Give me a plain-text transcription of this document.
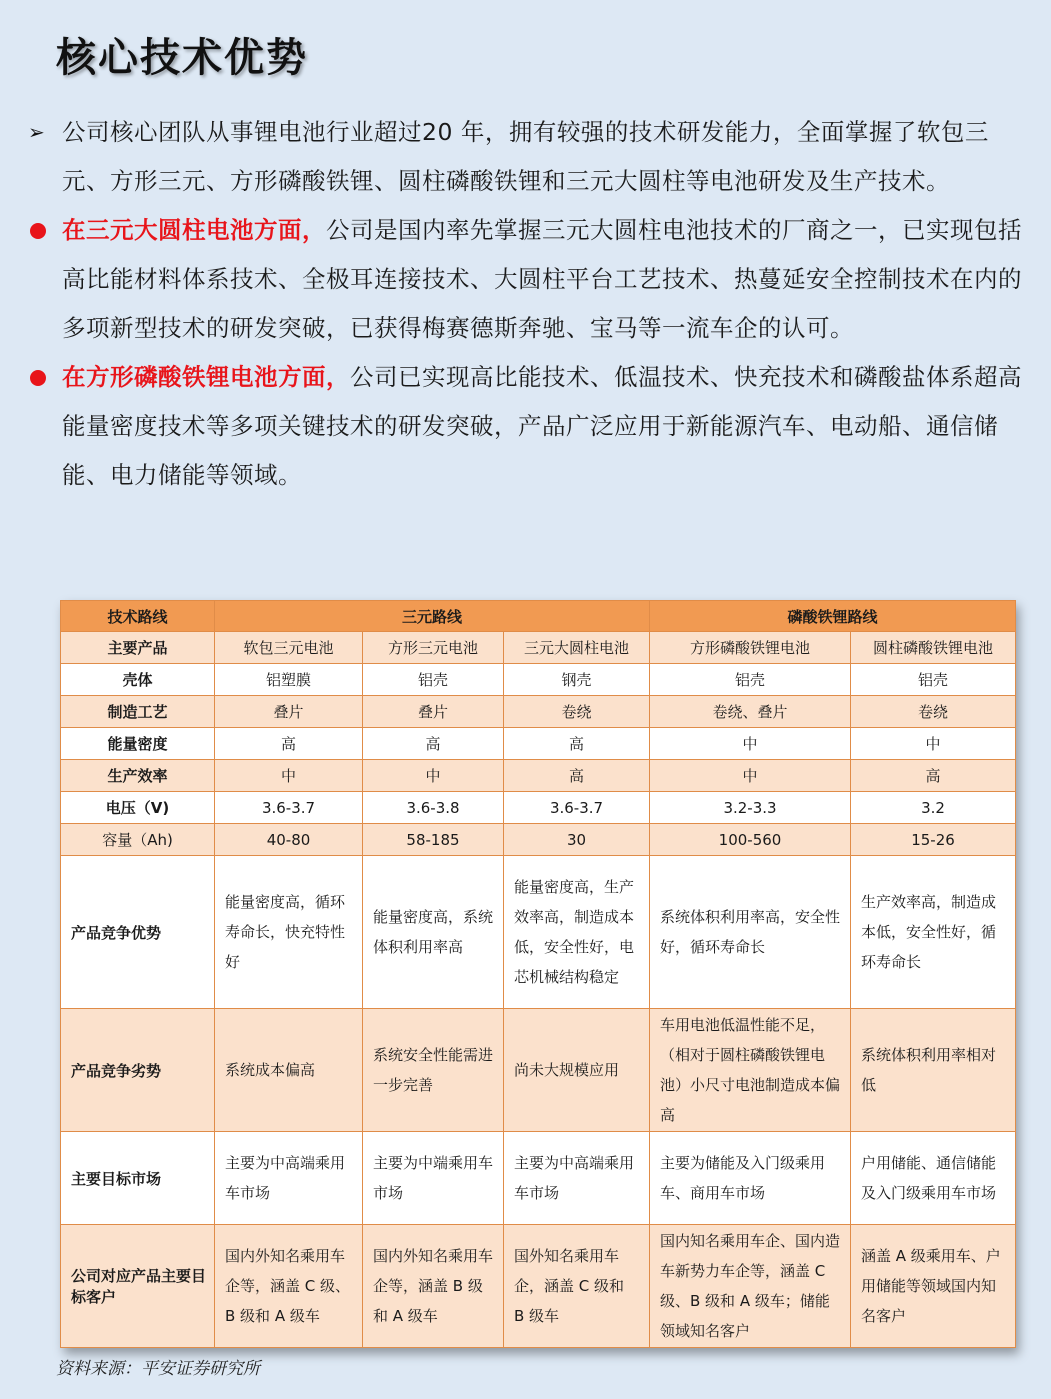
核心技术优势
➢ 公司核心团队从事锂电池行业超过20 年，拥有较强的技术研发能力，全面掌握了软包三元、方形三元、方形磷酸铁锂、圆柱磷酸铁锂和三元大圆柱等电池研发及生产技术。
在三元大圆柱电池方面，公司是国内率先掌握三元大圆柱电池技术的厂商之一，已实现包括高比能材料体系技术、全极耳连接技术、大圆柱平台工艺技术、热蔓延安全控制技术在内的多项新型技术的研发突破，已获得梅赛德斯奔驰、宝马等一流车企的认可。
在方形磷酸铁锂电池方面，公司已实现高比能技术、低温技术、快充技术和磷酸盐体系超高能量密度技术等多项关键技术的研发突破，产品广泛应用于新能源汽车、电动船、通信储能、电力储能等领域。
技术路线	三元路线			磷酸铁锂路线	
主要产品	软包三元电池	方形三元电池	三元大圆柱电池	方形磷酸铁锂电池	圆柱磷酸铁锂电池
壳体	铝塑膜	铝壳	钢壳	铝壳	铝壳
制造工艺	叠片	叠片	卷绕	卷绕、叠片	卷绕
能量密度	高	高	高	中	中
生产效率	中	中	高	中	高
电压（V)	3.6-3.7	3.6-3.8	3.6-3.7	3.2-3.3	3.2
容量（Ah)	40-80	58-185	30	100-560	15-26
产品竞争优势	能量密度高，循环寿命长，快充特性好	能量密度高，系统体积利用率高	能量密度高，生产效率高，制造成本低，安全性好，电芯机械结构稳定	系统体积利用率高，安全性好，循环寿命长	生产效率高，制造成本低，安全性好，循环寿命长
产品竞争劣势	系统成本偏高	系统安全性能需进一步完善	尚未大规模应用	车用电池低温性能不足，（相对于圆柱磷酸铁锂电池）小尺寸电池制造成本偏高	系统体积利用率相对低
主要目标市场	主要为中高端乘用车市场	主要为中端乘用车市场	主要为中高端乘用车市场	主要为储能及入门级乘用车、商用车市场	户用储能、通信储能及入门级乘用车市场
公司对应产品主要目标客户	国内外知名乘用车企等，涵盖 C 级、B 级和 A 级车	国内外知名乘用车企等，涵盖 B 级和 A 级车	国外知名乘用车企，涵盖 C 级和 B 级车	国内知名乘用车企、国内造车新势力车企等，涵盖 C 级、B 级和 A 级车；储能领域知名客户	涵盖 A 级乘用车、户用储能等领域国内知名客户
资料来源：平安证券研究所
